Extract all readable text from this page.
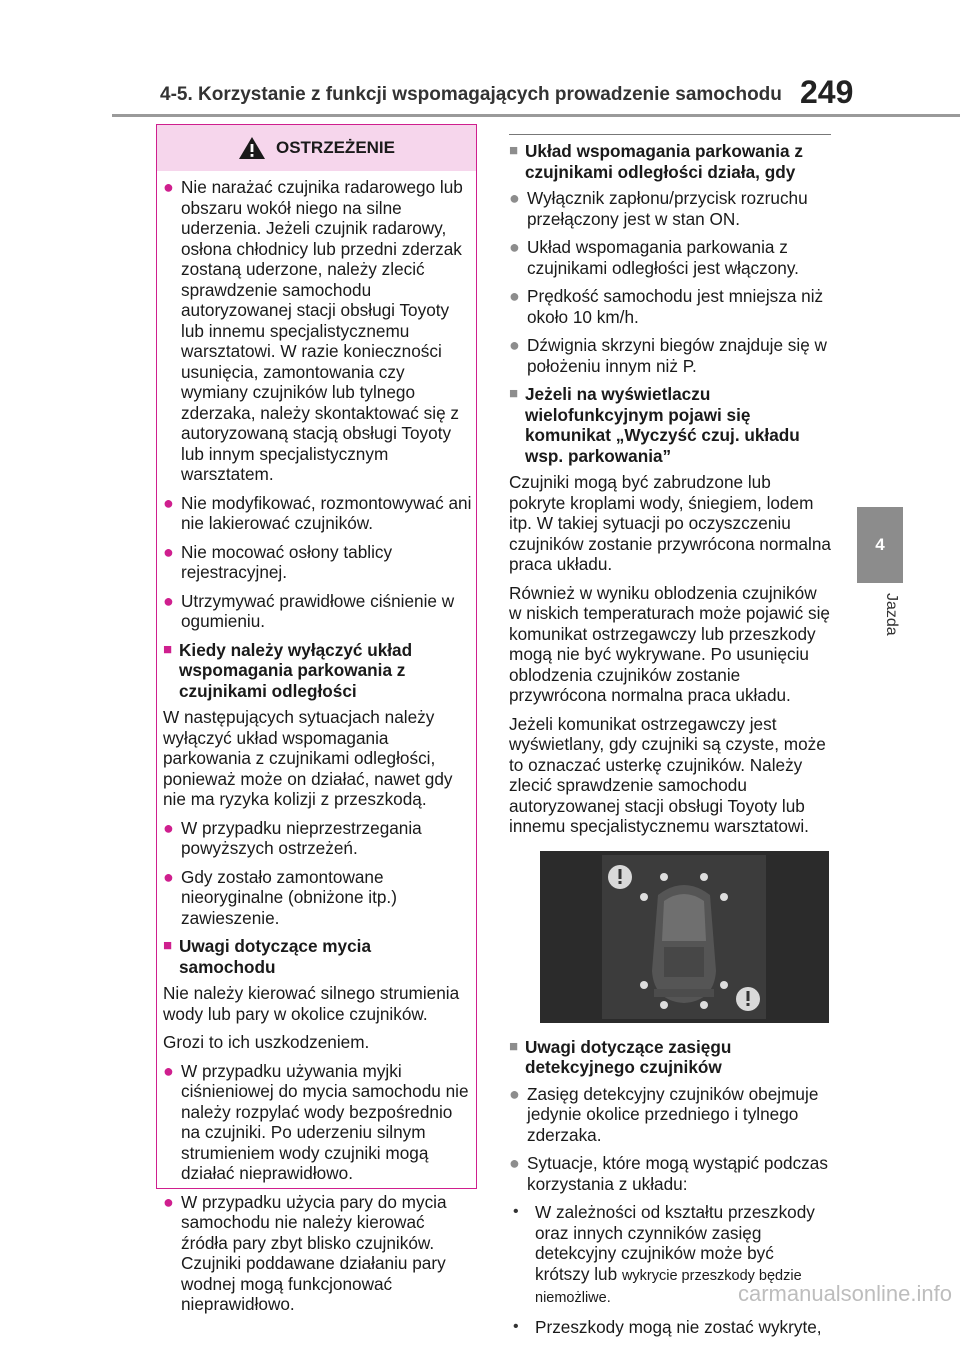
4-5. Korzystanie z funkcji wspomagających prowadzenie samochodu 249
4
Jazda
OSTRZEŻENIE
● Nie narażać czujnika radarowego lub obszaru wokół niego na silne uderzenia. Jeżeli czujnik radarowy, osłona chłodnicy lub przedni zderzak zostaną uderzone, należy zlecić sprawdzenie samochodu autoryzowanej stacji obsługi Toyoty lub innemu specjalistycznemu warsztatowi. W razie konieczności usunięcia, zamontowania czy wymiany czujników lub tylnego zderzaka, należy skontaktować się z autoryzowaną stacją obsługi Toyoty lub innym specjalistycznym warsztatem.
● Nie modyfikować, rozmontowywać ani nie lakierować czujników.
● Nie mocować osłony tablicy rejestracyjnej.
● Utrzymywać prawidłowe ciśnienie w ogumieniu.
■ Kiedy należy wyłączyć układ wspomagania parkowania z czujnikami odległości

W następujących sytuacjach należy wyłączyć układ wspomagania parkowania z czujnikami odległości, ponieważ może on działać, nawet gdy nie ma ryzyka kolizji z przeszkodą.

● W przypadku nieprzestrzegania powyższych ostrzeżeń.
● Gdy zostało zamontowane nieoryginalne (obniżone itp.) zawieszenie.
■ Uwagi dotyczące mycia samochodu

Nie należy kierować silnego strumienia wody lub pary w okolice czujników.

Grozi to ich uszkodzeniem.

● W przypadku używania myjki ciśnieniowej do mycia samochodu nie należy rozpylać wody bezpośrednio na czujniki. Po uderzeniu silnym strumieniem wody czujniki mogą działać nieprawidłowo.
● W przypadku użycia pary do mycia samochodu nie należy kierować źródła pary zbyt blisko czujników. Czujniki poddawane działaniu pary wodnej mogą funkcjonować nieprawidłowo.
■ Układ wspomagania parkowania z czujnikami odległości działa, gdy
● Wyłącznik zapłonu/przycisk rozruchu przełączony jest w stan ON.
● Układ wspomagania parkowania z czujnikami odległości jest włączony.
● Prędkość samochodu jest mniejsza niż około 10 km/h.
● Dźwignia skrzyni biegów znajduje się w położeniu innym niż P.
■ Jeżeli na wyświetlaczu wielofunkcyjnym pojawi się komunikat „Wyczyść czuj. układu wsp. parkowania”

Czujniki mogą być zabrudzone lub pokryte kroplami wody, śniegiem, lodem itp. W takiej sytuacji po oczyszczeniu czujników zostanie przywrócona normalna praca układu.

Również w wyniku oblodzenia czujników w niskich temperaturach może pojawić się komunikat ostrzegawczy lub przeszkody mogą nie być wykrywane. Po usunięciu oblodzenia czujników zostanie przywrócona normalna praca układu.

Jeżeli komunikat ostrzegawczy jest wyświetlany, gdy czujniki są czyste, może to oznaczać usterkę czujników. Należy zlecić sprawdzenie samochodu autoryzowanej stacji obsługi Toyoty lub innemu specjalistycznemu warsztatowi.

■ Uwagi dotyczące zasięgu detekcyjnego czujników
● Zasięg detekcyjny czujników obejmuje jedynie okolice przedniego i tylnego zderzaka.
● Sytuacje, które mogą wystąpić podczas korzystania z układu:
• W zależności od kształtu przeszkody oraz innych czynników zasięg detekcyjny czujników może być krótszy lub wykrycie przeszkody będzie niemożliwe.
• Przeszkody mogą nie zostać wykryte,
carmanualsonline.info
